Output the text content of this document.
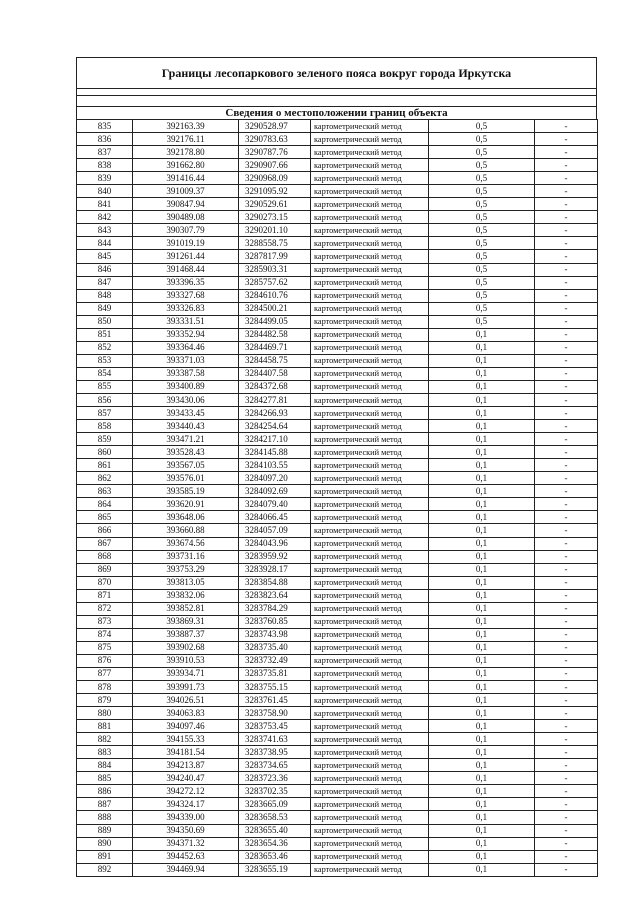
Границы лесопаркового зеленого пояса вокруг города Иркутска
Сведения о местоположении границ объекта
835	392163.39	3290528.97	картометрический метод	0,5	-
836	392176.11	3290783.63	картометрический метод	0,5	-
837	392178.80	3290787.76	картометрический метод	0,5	-
838	391662.80	3290907.66	картометрический метод	0,5	-
839	391416.44	3290968.09	картометрический метод	0,5	-
840	391009.37	3291095.92	картометрический метод	0,5	-
841	390847.94	3290529.61	картометрический метод	0,5	-
842	390489.08	3290273.15	картометрический метод	0,5	-
843	390307.79	3290201.10	картометрический метод	0,5	-
844	391019.19	3288558.75	картометрический метод	0,5	-
845	391261.44	3287817.99	картометрический метод	0,5	-
846	391468.44	3285903.31	картометрический метод	0,5	-
847	393396.35	3285757.62	картометрический метод	0,5	-
848	393327.68	3284610.76	картометрический метод	0,5	-
849	393326.83	3284500.21	картометрический метод	0,5	-
850	393331.51	3284499.05	картометрический метод	0,5	-
851	393352.94	3284482.58	картометрический метод	0,1	-
852	393364.46	3284469.71	картометрический метод	0,1	-
853	393371.03	3284458.75	картометрический метод	0,1	-
854	393387.58	3284407.58	картометрический метод	0,1	-
855	393400.89	3284372.68	картометрический метод	0,1	-
856	393430.06	3284277.81	картометрический метод	0,1	-
857	393433.45	3284266.93	картометрический метод	0,1	-
858	393440.43	3284254.64	картометрический метод	0,1	-
859	393471.21	3284217.10	картометрический метод	0,1	-
860	393528.43	3284145.88	картометрический метод	0,1	-
861	393567.05	3284103.55	картометрический метод	0,1	-
862	393576.01	3284097.20	картометрический метод	0,1	-
863	393585.19	3284092.69	картометрический метод	0,1	-
864	393620.91	3284079.40	картометрический метод	0,1	-
865	393648.06	3284066.45	картометрический метод	0,1	-
866	393660.88	3284057.09	картометрический метод	0,1	-
867	393674.56	3284043.96	картометрический метод	0,1	-
868	393731.16	3283959.92	картометрический метод	0,1	-
869	393753.29	3283928.17	картометрический метод	0,1	-
870	393813.05	3283854.88	картометрический метод	0,1	-
871	393832.06	3283823.64	картометрический метод	0,1	-
872	393852.81	3283784.29	картометрический метод	0,1	-
873	393869.31	3283760.85	картометрический метод	0,1	-
874	393887.37	3283743.98	картометрический метод	0,1	-
875	393902.68	3283735.40	картометрический метод	0,1	-
876	393910.53	3283732.49	картометрический метод	0,1	-
877	393934.71	3283735.81	картометрический метод	0,1	-
878	393991.73	3283755.15	картометрический метод	0,1	-
879	394026.51	3283761.45	картометрический метод	0,1	-
880	394063.83	3283758.90	картометрический метод	0,1	-
881	394097.46	3283753.45	картометрический метод	0,1	-
882	394155.33	3283741.63	картометрический метод	0,1	-
883	394181.54	3283738.95	картометрический метод	0,1	-
884	394213.87	3283734.65	картометрический метод	0,1	-
885	394240.47	3283723.36	картометрический метод	0,1	-
886	394272.12	3283702.35	картометрический метод	0,1	-
887	394324.17	3283665.09	картометрический метод	0,1	-
888	394339.00	3283658.53	картометрический метод	0,1	-
889	394350.69	3283655.40	картометрический метод	0,1	-
890	394371.32	3283654.36	картометрический метод	0,1	-
891	394452.63	3283653.46	картометрический метод	0,1	-
892	394469.94	3283655.19	картометрический метод	0,1	-
